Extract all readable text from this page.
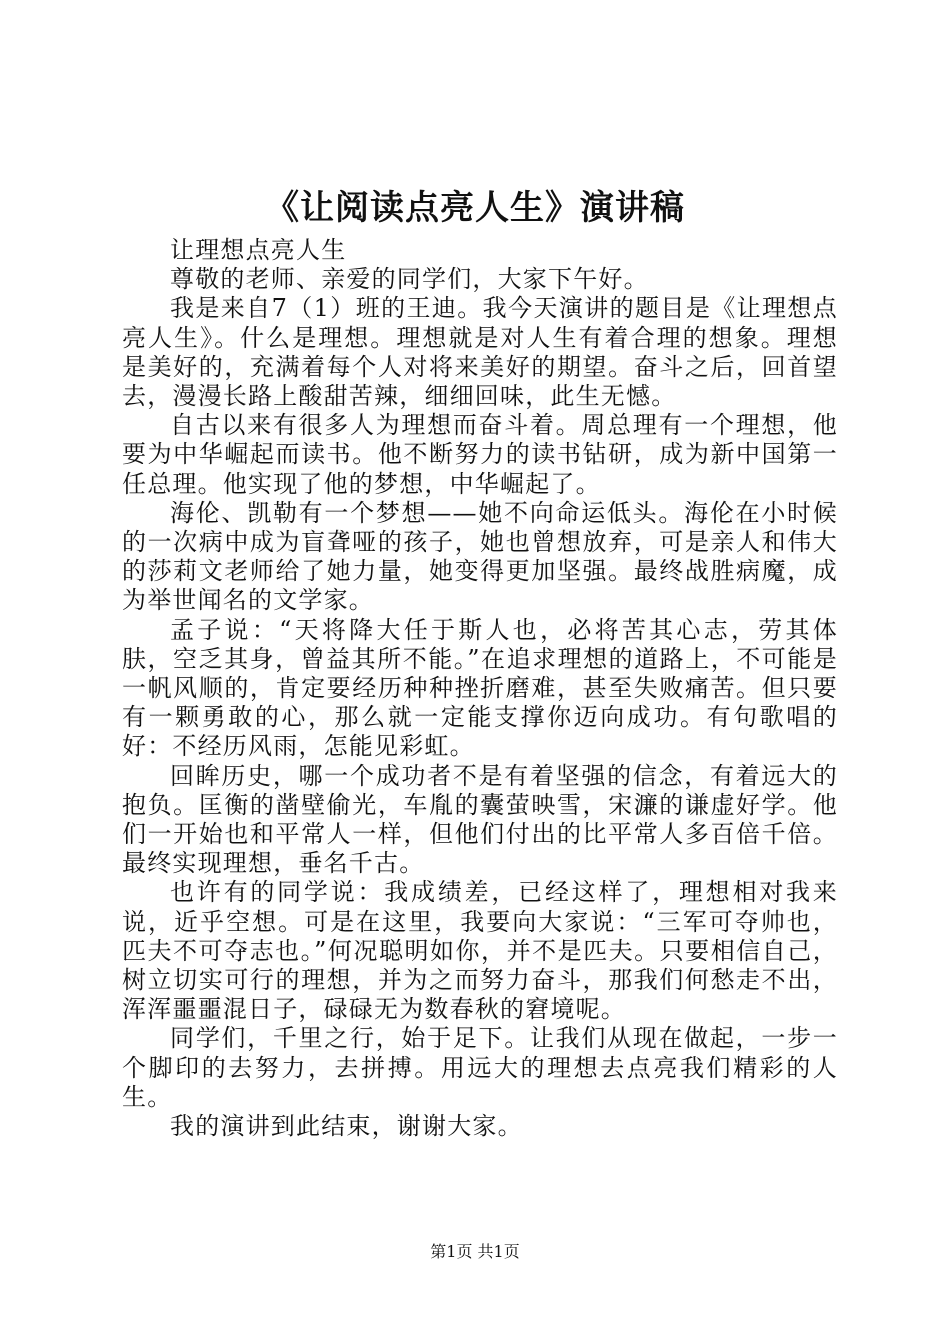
《让阅读点亮人生》演讲稿

让理想点亮人生

尊敬的老师、亲爱的同学们，大家下午好。

我是来自7（1）班的王迪。我今天演讲的题目是《让理想点亮人生》。什么是理想。理想就是对人生有着合理的想象。理想是美好的，充满着每个人对将来美好的期望。奋斗之后，回首望去，漫漫长路上酸甜苦辣，细细回味，此生无憾。

自古以来有很多人为理想而奋斗着。周总理有一个理想，他要为中华崛起而读书。他不断努力的读书钻研，成为新中国第一任总理。他实现了他的梦想，中华崛起了。

海伦、凯勒有一个梦想——她不向命运低头。海伦在小时候的一次病中成为盲聋哑的孩子，她也曾想放弃，可是亲人和伟大的莎莉文老师给了她力量，她变得更加坚强。最终战胜病魔，成为举世闻名的文学家。

孟子说：“天将降大任于斯人也，必将苦其心志，劳其体肤，空乏其身，曾益其所不能。”在追求理想的道路上，不可能是一帆风顺的，肯定要经历种种挫折磨难，甚至失败痛苦。但只要有一颗勇敢的心，那么就一定能支撑你迈向成功。有句歌唱的好：不经历风雨，怎能见彩虹。

回眸历史，哪一个成功者不是有着坚强的信念，有着远大的抱负。匡衡的凿壁偷光，车胤的囊萤映雪，宋濂的谦虚好学。他们一开始也和平常人一样，但他们付出的比平常人多百倍千倍。最终实现理想，垂名千古。

也许有的同学说：我成绩差，已经这样了，理想相对我来说，近乎空想。可是在这里，我要向大家说：“三军可夺帅也，匹夫不可夺志也。”何况聪明如你，并不是匹夫。只要相信自己，树立切实可行的理想，并为之而努力奋斗，那我们何愁走不出，浑浑噩噩混日子，碌碌无为数春秋的窘境呢。

同学们，千里之行，始于足下。让我们从现在做起，一步一个脚印的去努力，去拼搏。用远大的理想去点亮我们精彩的人生。

我的演讲到此结束，谢谢大家。

第1页 共1页
